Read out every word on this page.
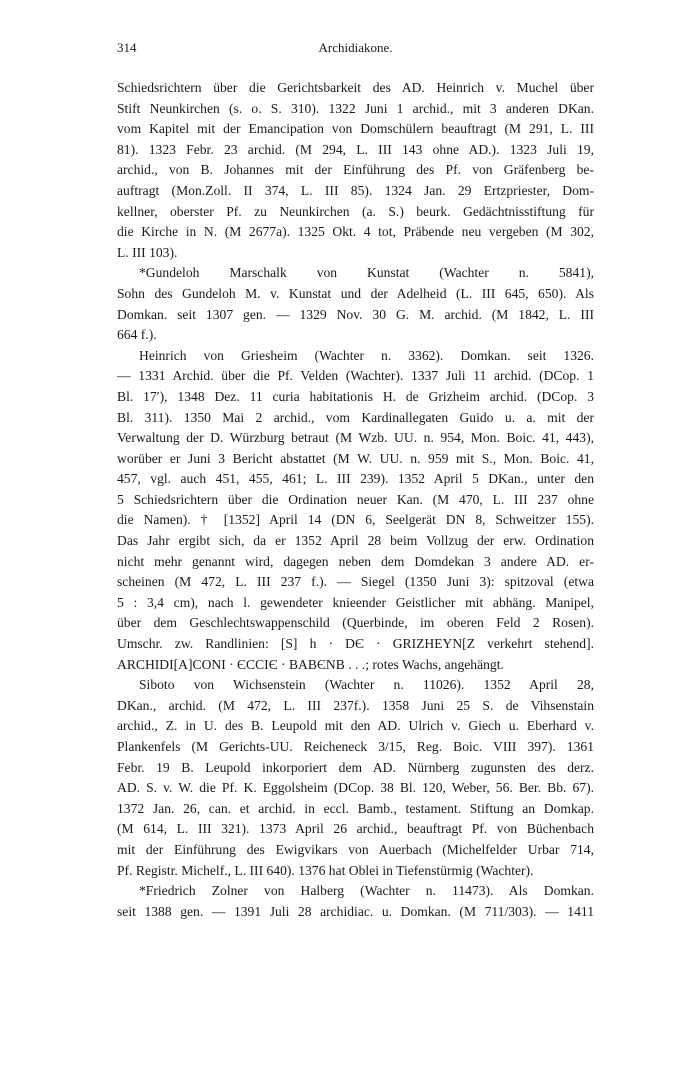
314	Archidiakone.
Schiedsrichtern über die Gerichtsbarkeit des AD. Heinrich v. Muchel über
Stift Neunkirchen (s. o. S. 310). 1322 Juni 1 archid., mit 3 anderen DKan.
vom Kapitel mit der Emancipation von Domschülern beauftragt (M 291, L. III
81). 1323 Febr. 23 archid. (M 294, L. III 143 ohne AD.). 1323 Juli 19,
archid., von B. Johannes mit der Einführung des Pf. von Gräfenberg be-
auftragt (Mon.Zoll. II 374, L. III 85). 1324 Jan. 29 Ertzpriester, Dom-
kellner, oberster Pf. zu Neunkirchen (a. S.) beurk. Gedächtnisstiftung für
die Kirche in N. (M 2677a). 1325 Okt. 4 tot, Präbende neu vergeben (M 302,
L. III 103).
*Gundeloh Marschalk von Kunstat (Wachter n. 5841),
Sohn des Gundeloh M. v. Kunstat und der Adelheid (L. III 645, 650). Als
Domkan. seit 1307 gen. — 1329 Nov. 30 G. M. archid. (M 1842, L. III
664 f.).
Heinrich von Griesheim (Wachter n. 3362). Domkan. seit 1326.
— 1331 Archid. über die Pf. Velden (Wachter). 1337 Juli 11 archid. (DCop. 1
Bl. 17′), 1348 Dez. 11 curia habitationis H. de Grizheim archid. (DCop. 3
Bl. 311). 1350 Mai 2 archid., vom Kardinallegaten Guido u. a. mit der
Verwaltung der D. Würzburg betraut (M Wzb. UU. n. 954, Mon. Boic. 41, 443),
worüber er Juni 3 Bericht abstattet (M W. UU. n. 959 mit S., Mon. Boic. 41,
457, vgl. auch 451, 455, 461; L. III 239). 1352 April 5 DKan., unter den
5 Schiedsrichtern über die Ordination neuer Kan. (M 470, L. III 237 ohne
die Namen). † [1352] April 14 (DN 6, Seelgerät DN 8, Schweitzer 155).
Das Jahr ergibt sich, da er 1352 April 28 beim Vollzug der erw. Ordination
nicht mehr genannt wird, dagegen neben dem Domdekan 3 andere AD. er-
scheinen (M 472, L. III 237 f.). — Siegel (1350 Juni 3): spitzoval (etwa
5 : 3,4 cm), nach l. gewendeter knieender Geistlicher mit abhäng. Manipel,
über dem Geschlechtswappenschild (Querbinde, im oberen Feld 2 Rosen).
Umschr. zw. Randlinien: [S] h · DЄ · GRIZHEYN[Z verkehrt stehend].
ARCHIDI[A]CONI · ЄCCIЄ · BABЄNB . . .; rotes Wachs, angehängt.
Siboto von Wichsenstein (Wachter n. 11026). 1352 April 28,
DKan., archid. (M 472, L. III 237f.). 1358 Juni 25 S. de Vihsenstain
archid., Z. in U. des B. Leupold mit den AD. Ulrich v. Giech u. Eberhard v.
Plankenfels (M Gerichts-UU. Reicheneck 3/15, Reg. Boic. VIII 397). 1361
Febr. 19 B. Leupold inkorporiert dem AD. Nürnberg zugunsten des derz.
AD. S. v. W. die Pf. K. Eggolsheim (DCop. 38 Bl. 120, Weber, 56. Ber. Bb. 67).
1372 Jan. 26, can. et archid. in eccl. Bamb., testament. Stiftung an Domkap.
(M 614, L. III 321). 1373 April 26 archid., beauftragt Pf. von Büchenbach
mit der Einführung des Ewigvikars von Auerbach (Michelfelder Urbar 714,
Pf. Registr. Michelf., L. III 640). 1376 hat Oblei in Tiefenstürmig (Wachter).
*Friedrich Zolner von Halberg (Wachter n. 11473). Als Domkan.
seit 1388 gen. — 1391 Juli 28 archidiac. u. Domkan. (M 711/303). — 1411
